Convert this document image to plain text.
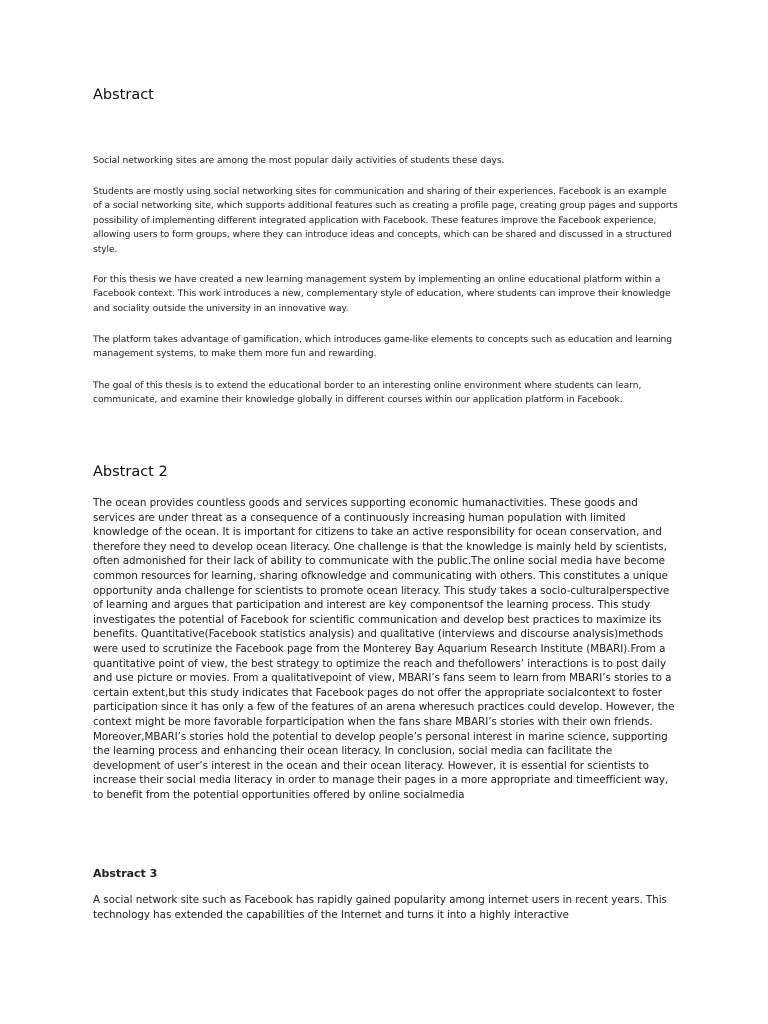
Abstract

Social networking sites are among the most popular daily activities of students these days.

Students are mostly using social networking sites for communication and sharing of their experiences. Facebook is an example of a social networking site, which supports additional features such as creating a profile page, creating group pages and supports possibility of implementing different integrated application with Facebook. These features improve the Facebook experience, allowing users to form groups, where they can introduce ideas and concepts, which can be shared and discussed in a structured style.

For this thesis we have created a new learning management system by implementing an online educational platform within a Facebook context. This work introduces a new, complementary style of education, where students can improve their knowledge and sociality outside the university in an innovative way.

The platform takes advantage of gamification, which introduces game-like elements to concepts such as education and learning management systems, to make them more fun and rewarding.

The goal of this thesis is to extend the educational border to an interesting online environment where students can learn, communicate, and examine their knowledge globally in different courses within our application platform in Facebook.

Abstract 2

The ocean provides countless goods and services supporting economic humanactivities. These goods and services are under threat as a consequence of a continuously increasing human population with limited knowledge of the ocean. It is important for citizens to take an active responsibility for ocean conservation, and therefore they need to develop ocean literacy. One challenge is that the knowledge is mainly held by scientists, often admonished for their lack of ability to communicate with the public.The online social media have become common resources for learning, sharing ofknowledge and communicating with others. This constitutes a unique opportunity anda challenge for scientists to promote ocean literacy. This study takes a socio-culturalperspective of learning and argues that participation and interest are key componentsof the learning process. This study investigates the potential of Facebook for scientific communication and develop best practices to maximize its benefits. Quantitative(Facebook statistics analysis) and qualitative (interviews and discourse analysis)methods were used to scrutinize the Facebook page from the Monterey Bay Aquarium Research Institute (MBARI).From a quantitative point of view, the best strategy to optimize the reach and thefollowers’ interactions is to post daily and use picture or movies. From a qualitativepoint of view, MBARI’s fans seem to learn from MBARI’s stories to a certain extent,but this study indicates that Facebook pages do not offer the appropriate socialcontext to foster participation since it has only a few of the features of an arena wheresuch practices could develop. However, the context might be more favorable forparticipation when the fans share MBARI’s stories with their own friends. Moreover,MBARI’s stories hold the potential to develop people’s personal interest in marine science, supporting the learning process and enhancing their ocean literacy. In conclusion, social media can facilitate the development of user’s interest in the ocean and their ocean literacy. However, it is essential for scientists to increase their social media literacy in order to manage their pages in a more appropriate and timeefficient way, to benefit from the potential opportunities offered by online socialmedia

Abstract 3

A social network site such as Facebook has rapidly gained popularity among internet users in recent years. This technology has extended the capabilities of the Internet and turns it into a highly interactive
